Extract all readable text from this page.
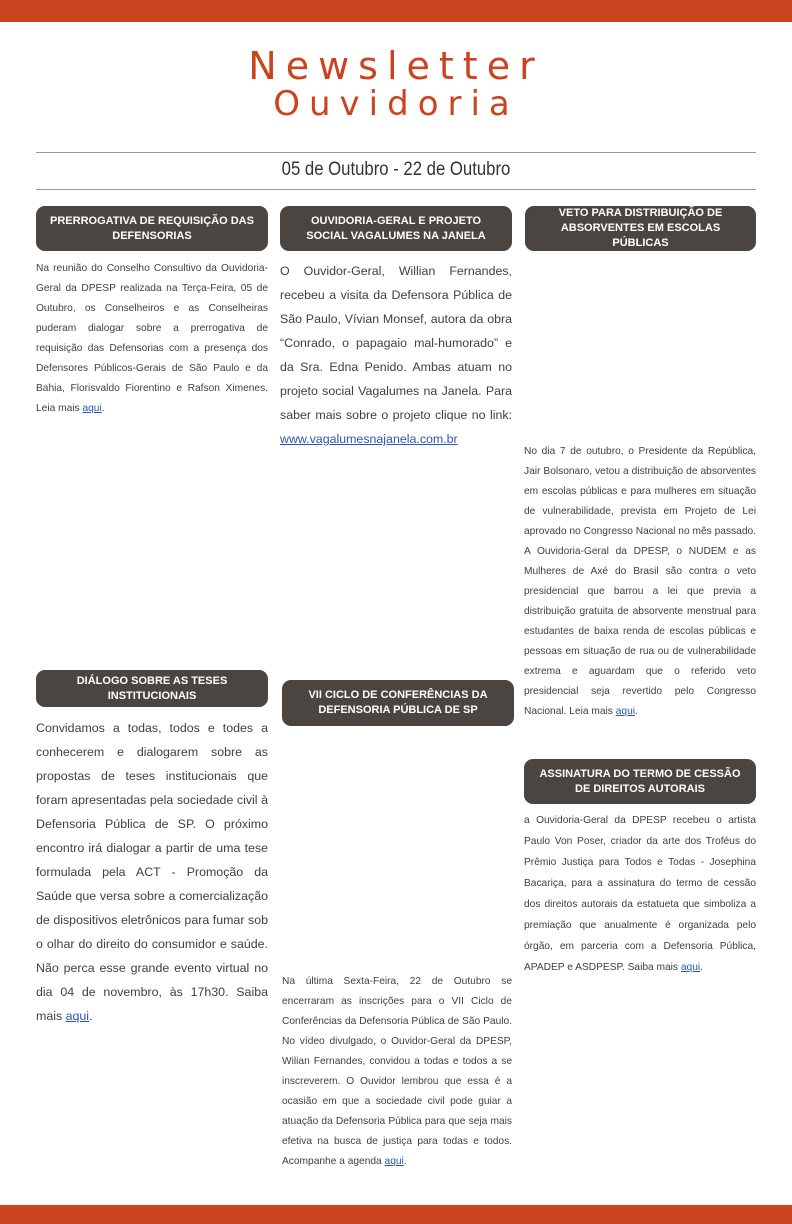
Newsletter
Ouvidoria
05 de Outubro - 22 de Outubro
PRERROGATIVA DE REQUISIÇÃO DAS DEFENSORIAS

Na reunião do Conselho Consultivo da Ouvidoria-Geral da DPESP realizada na Terça-Feira, 05 de Outubro, os Conselheiros e as Conselheiras puderam dialogar sobre a prerrogativa de requisição das Defensorias com a presença dos Defensores Públicos-Gerais de São Paulo e da Bahia, Florisvaldo Fiorentino e Rafson Ximenes. Leia mais aqui.

DIÁLOGO SOBRE AS TESES INSTITUCIONAIS

Convidamos a todas, todos e todes a conhecerem e dialogarem sobre as propostas de teses institucionais que foram apresentadas pela sociedade civil à Defensoria Pública de SP. O próximo encontro irá dialogar a partir de uma tese formulada pela ACT - Promoção da Saúde que versa sobre a comercialização de dispositivos eletrônicos para fumar sob o olhar do direito do consumidor e saúde. Não perca esse grande evento virtual no dia 04 de novembro, às 17h30. Saiba mais aqui.

OUVIDORIA-GERAL E PROJETO SOCIAL VAGALUMES NA JANELA

O Ouvidor-Geral, Willian Fernandes, recebeu a visita da Defensora Pública de São Paulo, Vívian Monsef, autora da obra “Conrado, o papagaio mal-humorado” e da Sra. Edna Penido. Ambas atuam no projeto social Vagalumes na Janela. Para saber mais sobre o projeto clique no link: www.vagalumesnajanela.com.br

VII CICLO DE CONFERÊNCIAS DA DEFENSORIA PÚBLICA DE SP

Na última Sexta-Feira, 22 de Outubro se encerraram as inscrições para o VII Ciclo de Conferências da Defensoria Pública de São Paulo. No vídeo divulgado, o Ouvidor-Geral da DPESP, Wilian Fernandes, convidou a todas e todos a se inscreverem. O Ouvidor lembrou que essa é a ocasião em que a sociedade civil pode guiar a atuação da Defensoria Pública para que seja mais efetiva na busca de justiça para todas e todos. Acompanhe a agenda aqui.

VETO PARA DISTRIBUIÇÃO DE ABSORVENTES EM ESCOLAS PÚBLICAS

No dia 7 de outubro, o Presidente da República, Jair Bolsonaro, vetou a distribuição de absorventes em escolas públicas e para mulheres em situação de vulnerabilidade, prevista em Projeto de Lei aprovado no Congresso Nacional no mês passado. A Ouvidoria-Geral da DPESP, o NUDEM e as Mulheres de Axé do Brasil são contra o veto presidencial que barrou a lei que previa a distribuição gratuita de absorvente menstrual para estudantes de baixa renda de escolas públicas e pessoas em situação de rua ou de vulnerabilidade extrema e aguardam que o referido veto presidencial seja revertido pelo Congresso Nacional. Leia mais aqui.

ASSINATURA DO TERMO DE CESSÃO DE DIREITOS AUTORAIS

a Ouvidoria-Geral da DPESP recebeu o artista Paulo Von Poser, criador da arte dos Troféus do Prêmio Justiça para Todos e Todas - Josephina Bacariça, para a assinatura do termo de cessão dos direitos autorais da estatueta que simboliza a premiação que anualmente é organizada pelo órgão, em parceria com a Defensoria Pública, APADEP e ASDPESP. Saiba mais aqui.
